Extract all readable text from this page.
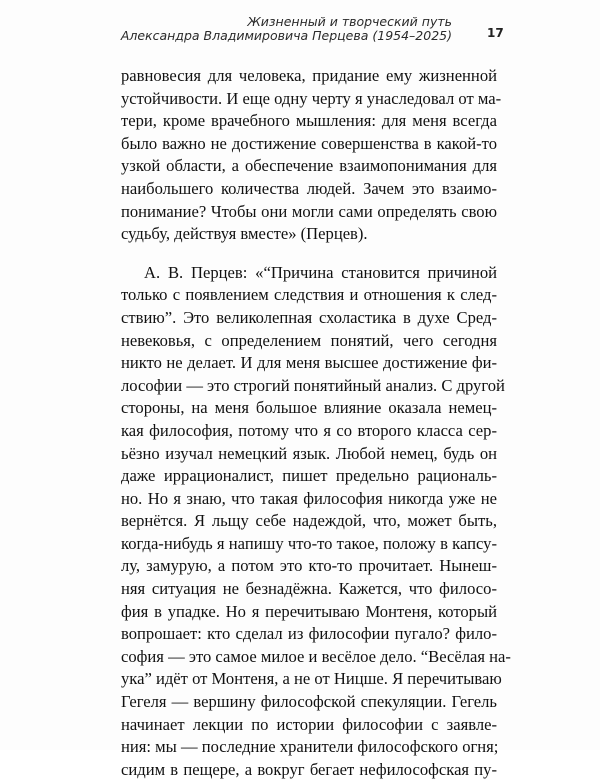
Жизненный и творческий путь
Александра Владимировича Перцева (1954–2025)	17
равновесия для человека, придание ему жизненной
устойчивости. И еще одну черту я унаследовал от ма-
тери, кроме врачебного мышления: для меня всегда
было важно не достижение совершенства в какой-то
узкой области, а обеспечение взаимопонимания для
наибольшего количества людей. Зачем это взаимо-
понимание? Чтобы они могли сами определять свою
судьбу, действуя вместе» (Перцев).
А. В. Перцев: «“Причина становится причиной
только с появлением следствия и отношения к след-
ствию”. Это великолепная схоластика в духе Сред-
невековья, с определением понятий, чего сегодня
никто не делает. И для меня высшее достижение фи-
лософии — это строгий понятийный анализ. С другой
стороны, на меня большое влияние оказала немец-
кая философия, потому что я со второго класса сер-
ьёзно изучал немецкий язык. Любой немец, будь он
даже иррационалист, пишет предельно рациональ-
но. Но я знаю, что такая философия никогда уже не
вернётся. Я льщу себе надеждой, что, может быть,
когда-нибудь я напишу что-то такое, положу в капсу-
лу, замурую, а потом это кто-то прочитает. Нынеш-
няя ситуация не безнадёжна. Кажется, что филосо-
фия в упадке. Но я перечитываю Монтеня, который
вопрошает: кто сделал из философии пугало? фило-
софия — это самое милое и весёлое дело. “Весёлая на-
ука” идёт от Монтеня, а не от Ницше. Я перечитываю
Гегеля — вершину философской спекуляции. Гегель
начинает лекции по истории философии с заявле-
ния: мы — последние хранители философского огня;
сидим в пещере, а вокруг бегает нефилософская пу-
